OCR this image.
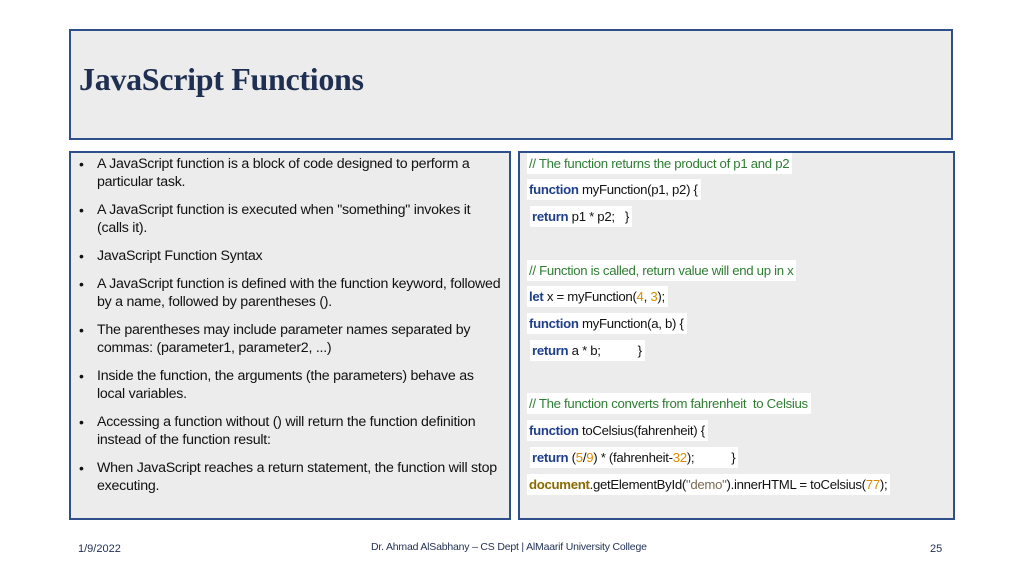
JavaScript Functions
• A JavaScript function is a block of code designed to perform a particular task.
• A JavaScript function is executed when "something" invokes it (calls it).
• JavaScript Function Syntax
• A JavaScript function is defined with the function keyword, followed by a name, followed by parentheses ().
• The parentheses may include parameter names separated by commas: (parameter1, parameter2, ...)
• Inside the function, the arguments (the parameters) behave as local variables.
• Accessing a function without () will return the function definition instead of the function result:
• When JavaScript reaches a return statement, the function will stop executing.
// The function returns the product of p1 and p2
function myFunction(p1, p2) {
return p1 * p2;   }
// Function is called, return value will end up in x
let x = myFunction(4, 3);
function myFunction(a, b) {
return a * b;           }
// The function converts from fahrenheit  to Celsius
function toCelsius(fahrenheit) {
return (5/9) * (fahrenheit-32);           }
document.getElementById("demo").innerHTML = toCelsius(77);
1/9/2022	Dr. Ahmad AlSabhany – CS Dept | AlMaarif University College	25
